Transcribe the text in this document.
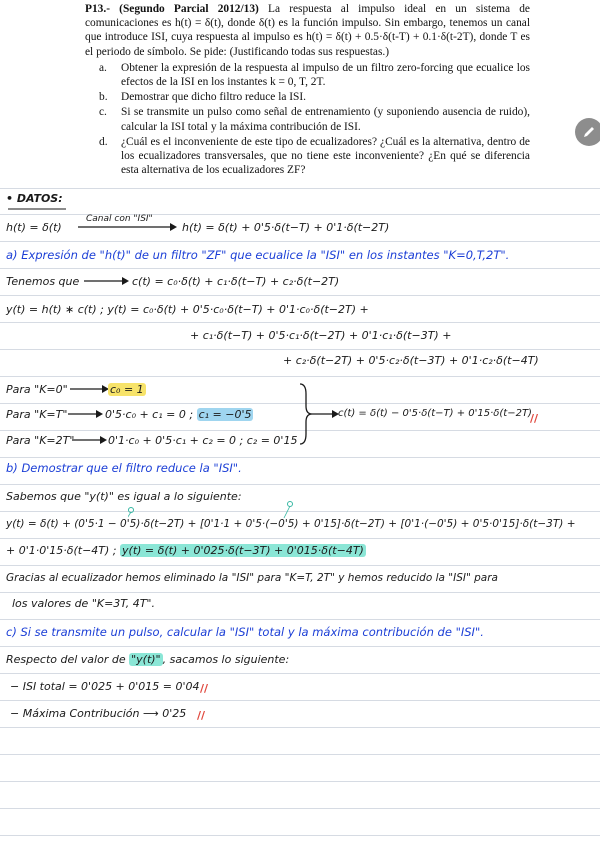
P13.- (Segundo Parcial 2012/13) La respuesta al impulso ideal en un sistema de comunicaciones es h(t) = δ(t), donde δ(t) es la función impulso. Sin embargo, tenemos un canal que introduce ISI, cuya respuesta al impulso es h(t) = δ(t) + 0.5·δ(t-T) + 0.1·δ(t-2T), donde T es el periodo de símbolo. Se pide: (Justificando todas sus respuestas.)

a.	Obtener la expresión de la respuesta al impulso de un filtro zero-forcing que ecualice los efectos de la ISI en los instantes k = 0, T, 2T.
b.	Demostrar que dicho filtro reduce la ISI.
c.	Si se transmite un pulso como señal de entrenamiento (y suponiendo ausencia de ruido), calcular la ISI total y la máxima contribución de ISI.
d.	¿Cuál es el inconveniente de este tipo de ecualizadores? ¿Cuál es la alternativa, dentro de los ecualizadores transversales, que no tiene este inconveniente? ¿En qué se diferencia esta alternativa de los ecualizadores ZF?
• DATOS:
h(t) = δ(t)
Canal con "ISI"
h(t) = δ(t) + 0'5·δ(t−T) + 0'1·δ(t−2T)
a) Expresión de "h(t)" de un filtro "ZF" que ecualice la "ISI" en los instantes "K=0,T,2T".
Tenemos que	c(t) = c₀·δ(t) + c₁·δ(t−T) + c₂·δ(t−2T)
y(t) = h(t) ∗ c(t) ; y(t) = c₀·δ(t) + 0'5·c₀·δ(t−T) + 0'1·c₀·δ(t−2T) +
+ c₁·δ(t−T) + 0'5·c₁·δ(t−2T) + 0'1·c₁·δ(t−3T) +
+ c₂·δ(t−2T) + 0'5·c₂·δ(t−3T) + 0'1·c₂·δ(t−4T)
Para "K=0"	c₀ = 1
Para "K=T"	0'5·c₀ + c₁ = 0 ; c₁ = −0'5
Para "K=2T"	0'1·c₀ + 0'5·c₁ + c₂ = 0 ; c₂ = 0'15
c(t) = δ(t) − 0'5·δ(t−T) + 0'15·δ(t−2T)
//
b) Demostrar que el filtro reduce la "ISI".
Sabemos que "y(t)" es igual a lo siguiente:
y(t) = δ(t) + (0'5·1 − 0'5)·δ(t−2T) + [0'1·1 + 0'5·(−0'5) + 0'15]·δ(t−2T) + [0'1·(−0'5) + 0'5·0'15]·δ(t−3T) +
+ 0'1·0'15·δ(t−4T) ; y(t) = δ(t) + 0'025·δ(t−3T) + 0'015·δ(t−4T)
Gracias al ecualizador hemos eliminado la "ISI" para "K=T, 2T" y hemos reducido la "ISI" para
los valores de "K=3T, 4T".
c) Si se transmite un pulso, calcular la "ISI" total y la máxima contribución de "ISI".
Respecto del valor de "y(t)" , sacamos lo siguiente:
− ISI total = 0'025 + 0'015 = 0'04 //
− Máxima Contribución ⟶ 0'25 //
